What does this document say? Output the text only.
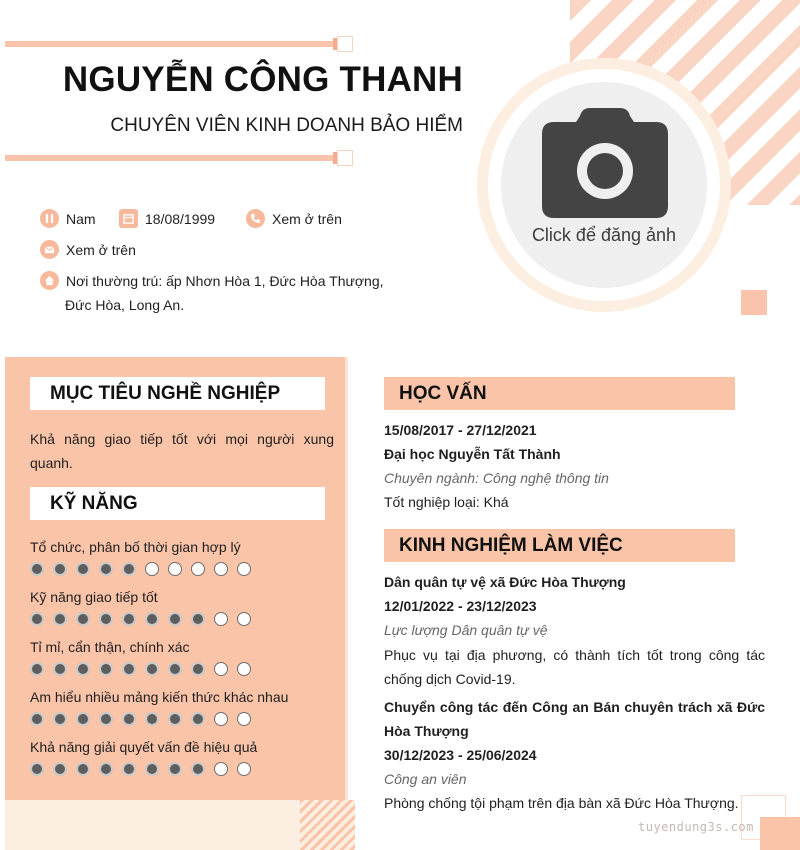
NGUYỄN CÔNG THANH
CHUYÊN VIÊN KINH DOANH BẢO HIỂM
Click để đăng ảnh
Nam	18/08/1999	Xem ở trên
Xem ở trên
Nơi thường trú: ấp Nhơn Hòa 1, Đức Hòa Thượng,
Đức Hòa, Long An.
MỤC TIÊU NGHỀ NGHIỆP
Khả năng giao tiếp tốt với mọi người xung quanh.
KỸ NĂNG
Tổ chức, phân bố thời gian hợp lý
Kỹ năng giao tiếp tốt
Tỉ mỉ, cẩn thận, chính xác
Am hiểu nhiều mảng kiến thức khác nhau
Khả năng giải quyết vấn đề hiệu quả
HỌC VẤN
15/08/2017 - 27/12/2021
Đại học Nguyễn Tất Thành
Chuyên ngành: Công nghệ thông tin
Tốt nghiệp loại: Khá
KINH NGHIỆM LÀM VIỆC
Dân quân tự vệ xã Đức Hòa Thượng
12/01/2022 - 23/12/2023
Lực lượng Dân quân tự vệ
Phục vụ tại địa phương, có thành tích tốt trong công tác chống dịch Covid-19.
Chuyển công tác đến Công an Bán chuyên trách xã Đức Hòa Thượng
30/12/2023 - 25/06/2024
Công an viên
Phòng chống tội phạm trên địa bàn xã Đức Hòa Thượng.
tuyendung3s.com
